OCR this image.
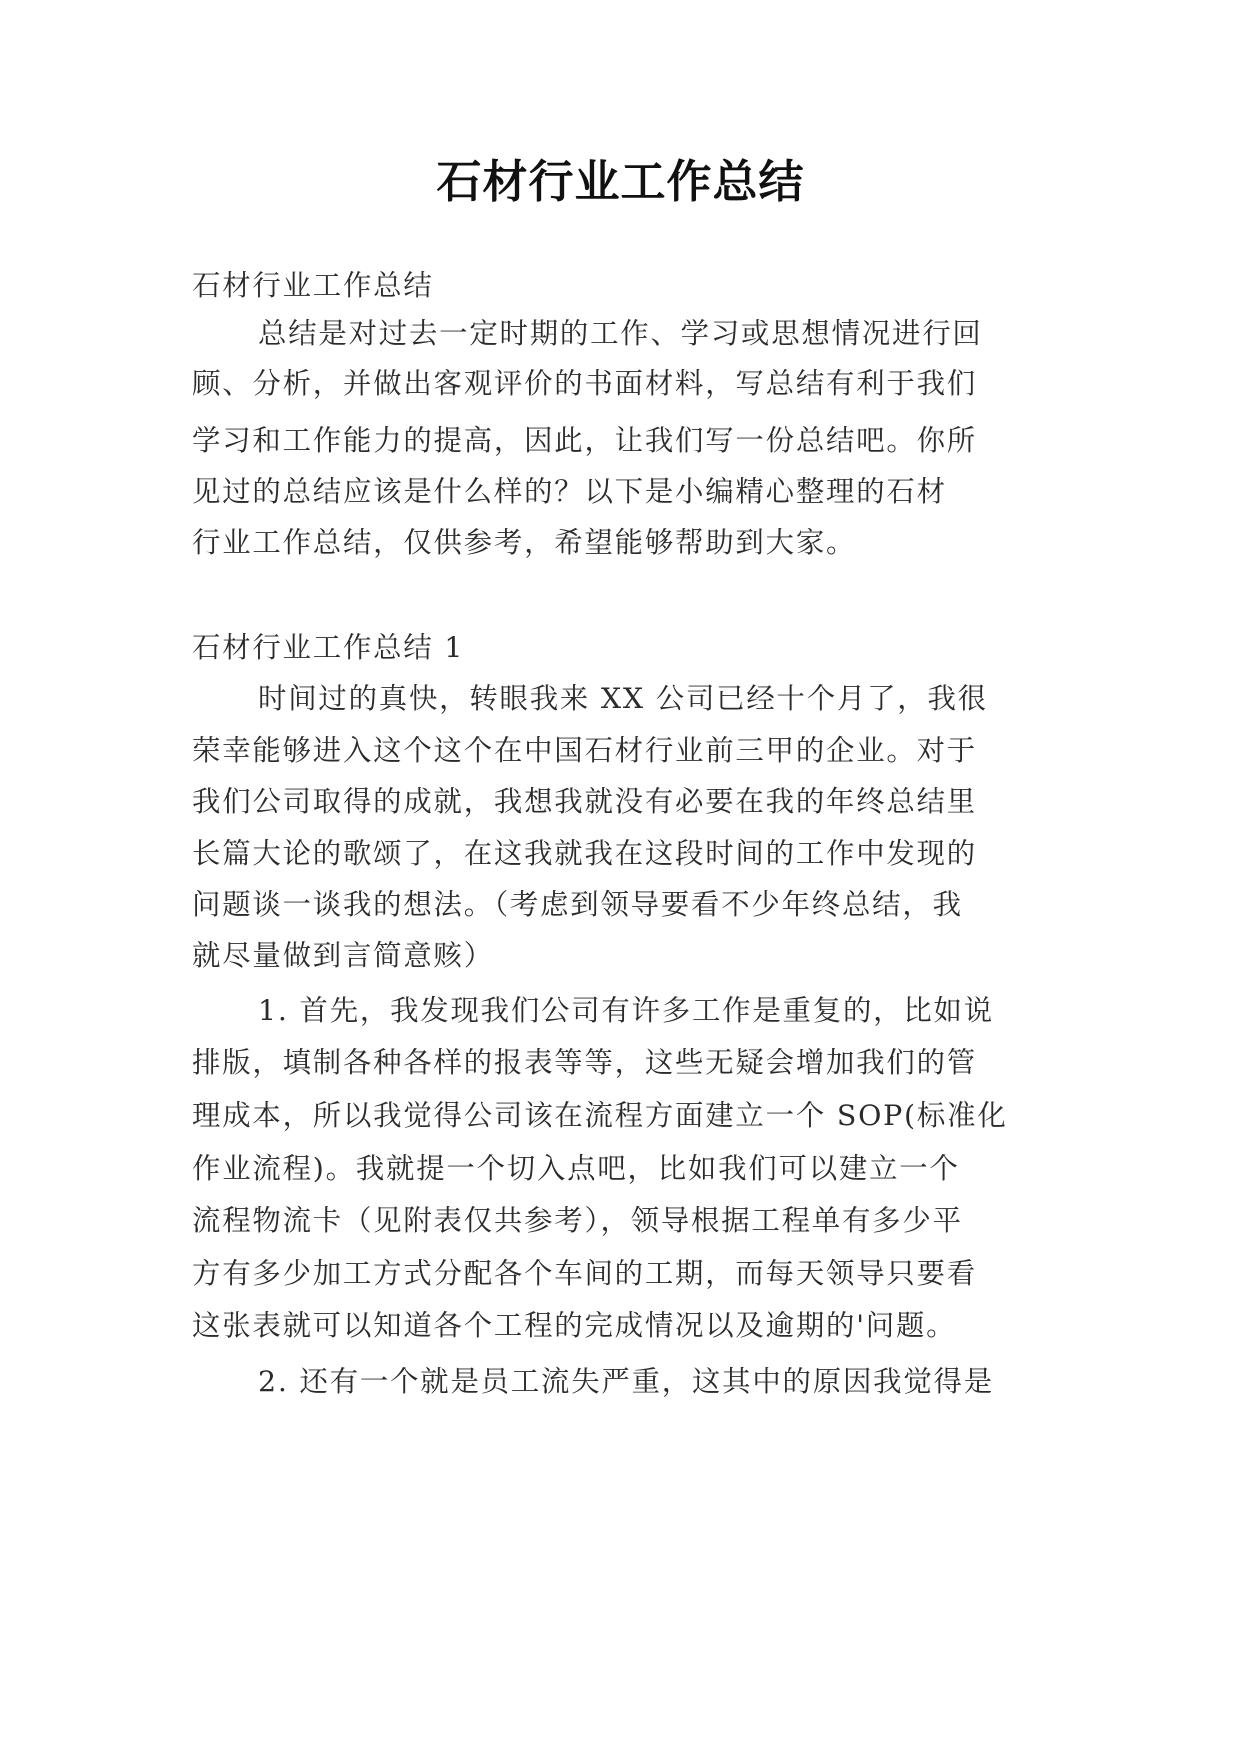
石材行业工作总结
石材行业工作总结
总结是对过去一定时期的工作、学习或思想情况进行回
顾、分析，并做出客观评价的书面材料，写总结有利于我们
学习和工作能力的提高，因此，让我们写一份总结吧。你所
见过的总结应该是什么样的？以下是小编精心整理的石材
行业工作总结，仅供参考，希望能够帮助到大家。
石材行业工作总结 1
时间过的真快，转眼我来 XX 公司已经十个月了，我很
荣幸能够进入这个这个在中国石材行业前三甲的企业。对于
我们公司取得的成就，我想我就没有必要在我的年终总结里
长篇大论的歌颂了，在这我就我在这段时间的工作中发现的
问题谈一谈我的想法。（考虑到领导要看不少年终总结，我
就尽量做到言简意赅）
1. 首先，我发现我们公司有许多工作是重复的，比如说
排版，填制各种各样的报表等等，这些无疑会增加我们的管
理成本，所以我觉得公司该在流程方面建立一个 SOP(标准化
作业流程)。我就提一个切入点吧，比如我们可以建立一个
流程物流卡（见附表仅共参考），领导根据工程单有多少平
方有多少加工方式分配各个车间的工期，而每天领导只要看
这张表就可以知道各个工程的完成情况以及逾期的'问题。
2. 还有一个就是员工流失严重，这其中的原因我觉得是
